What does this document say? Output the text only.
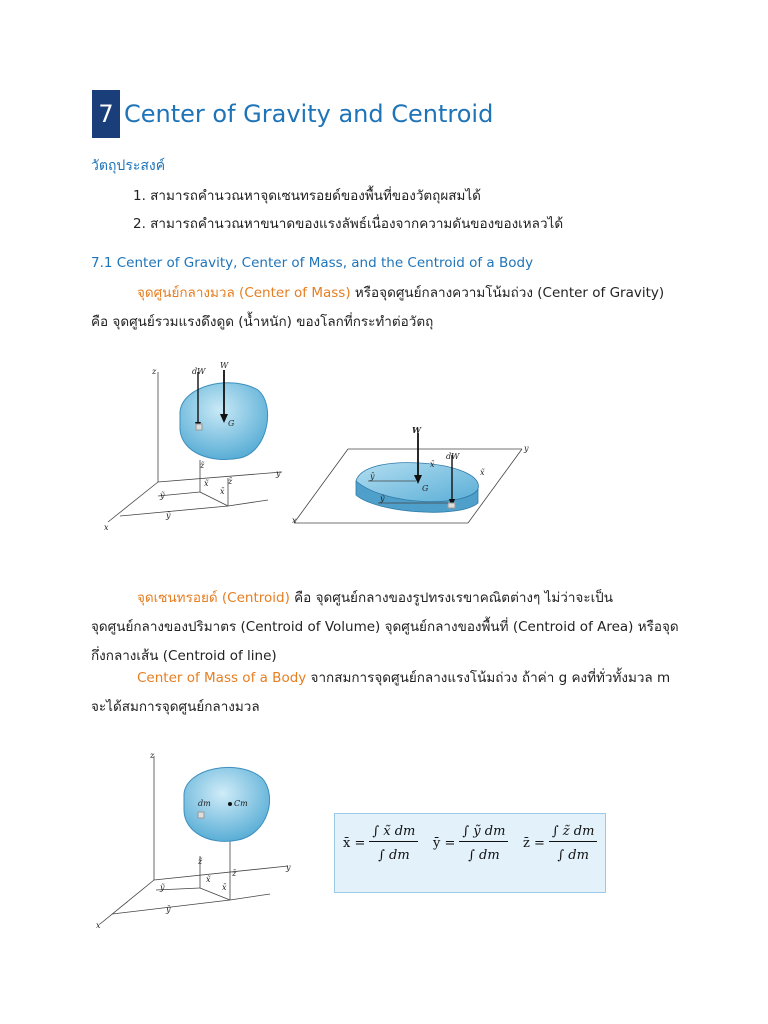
7 Center of Gravity and Centroid
วัตถุประสงค์
1. สามารถคำนวณหาจุดเซนทรอยด์ของพื้นที่ของวัตถุผสมได้
2. สามารถคำนวณหาขนาดของแรงลัพธ์เนื่องจากความดันของของเหลวได้
7.1 Center of Gravity, Center of Mass, and the Centroid of a Body
จุดศูนย์กลางมวล (Center of Mass) หรือจุดศูนย์กลางความโน้มถ่วง (Center of Gravity) คือ จุดศูนย์รวมแรงดึงดูด (น้ำหนัก) ของโลกที่กระทำต่อวัตถุ
z
y
x
dW
W
G
z̃
z̄
x̃
x̄
ỹ
ȳ
W
dW
G
y
x
x̄
x̃
ȳ
ỹ
จุดเซนทรอยด์ (Centroid) คือ จุดศูนย์กลางของรูปทรงเรขาคณิตต่างๆ ไม่ว่าจะเป็นจุดศูนย์กลางของปริมาตร (Centroid of Volume) จุดศูนย์กลางของพื้นที่ (Centroid of Area) หรือจุดกึ่งกลางเส้น (Centroid of line)
Center of Mass of a Body จากสมการจุดศูนย์กลางแรงโน้มถ่วง ถ้าค่า g คงที่ทั่วทั้งมวล m จะได้สมการจุดศูนย์กลางมวล
z
y
x
dm	Cm
z̃
z̄
x̃
x̄
ỹ
ȳ
x̄ = $\frac{\int x̃ dm}{\int dm}$ ȳ = $\frac{\text{∫ ỹ dm}}{\int dm}$ z̄ = $\frac{\int z̃ dm}{\int dm}$
